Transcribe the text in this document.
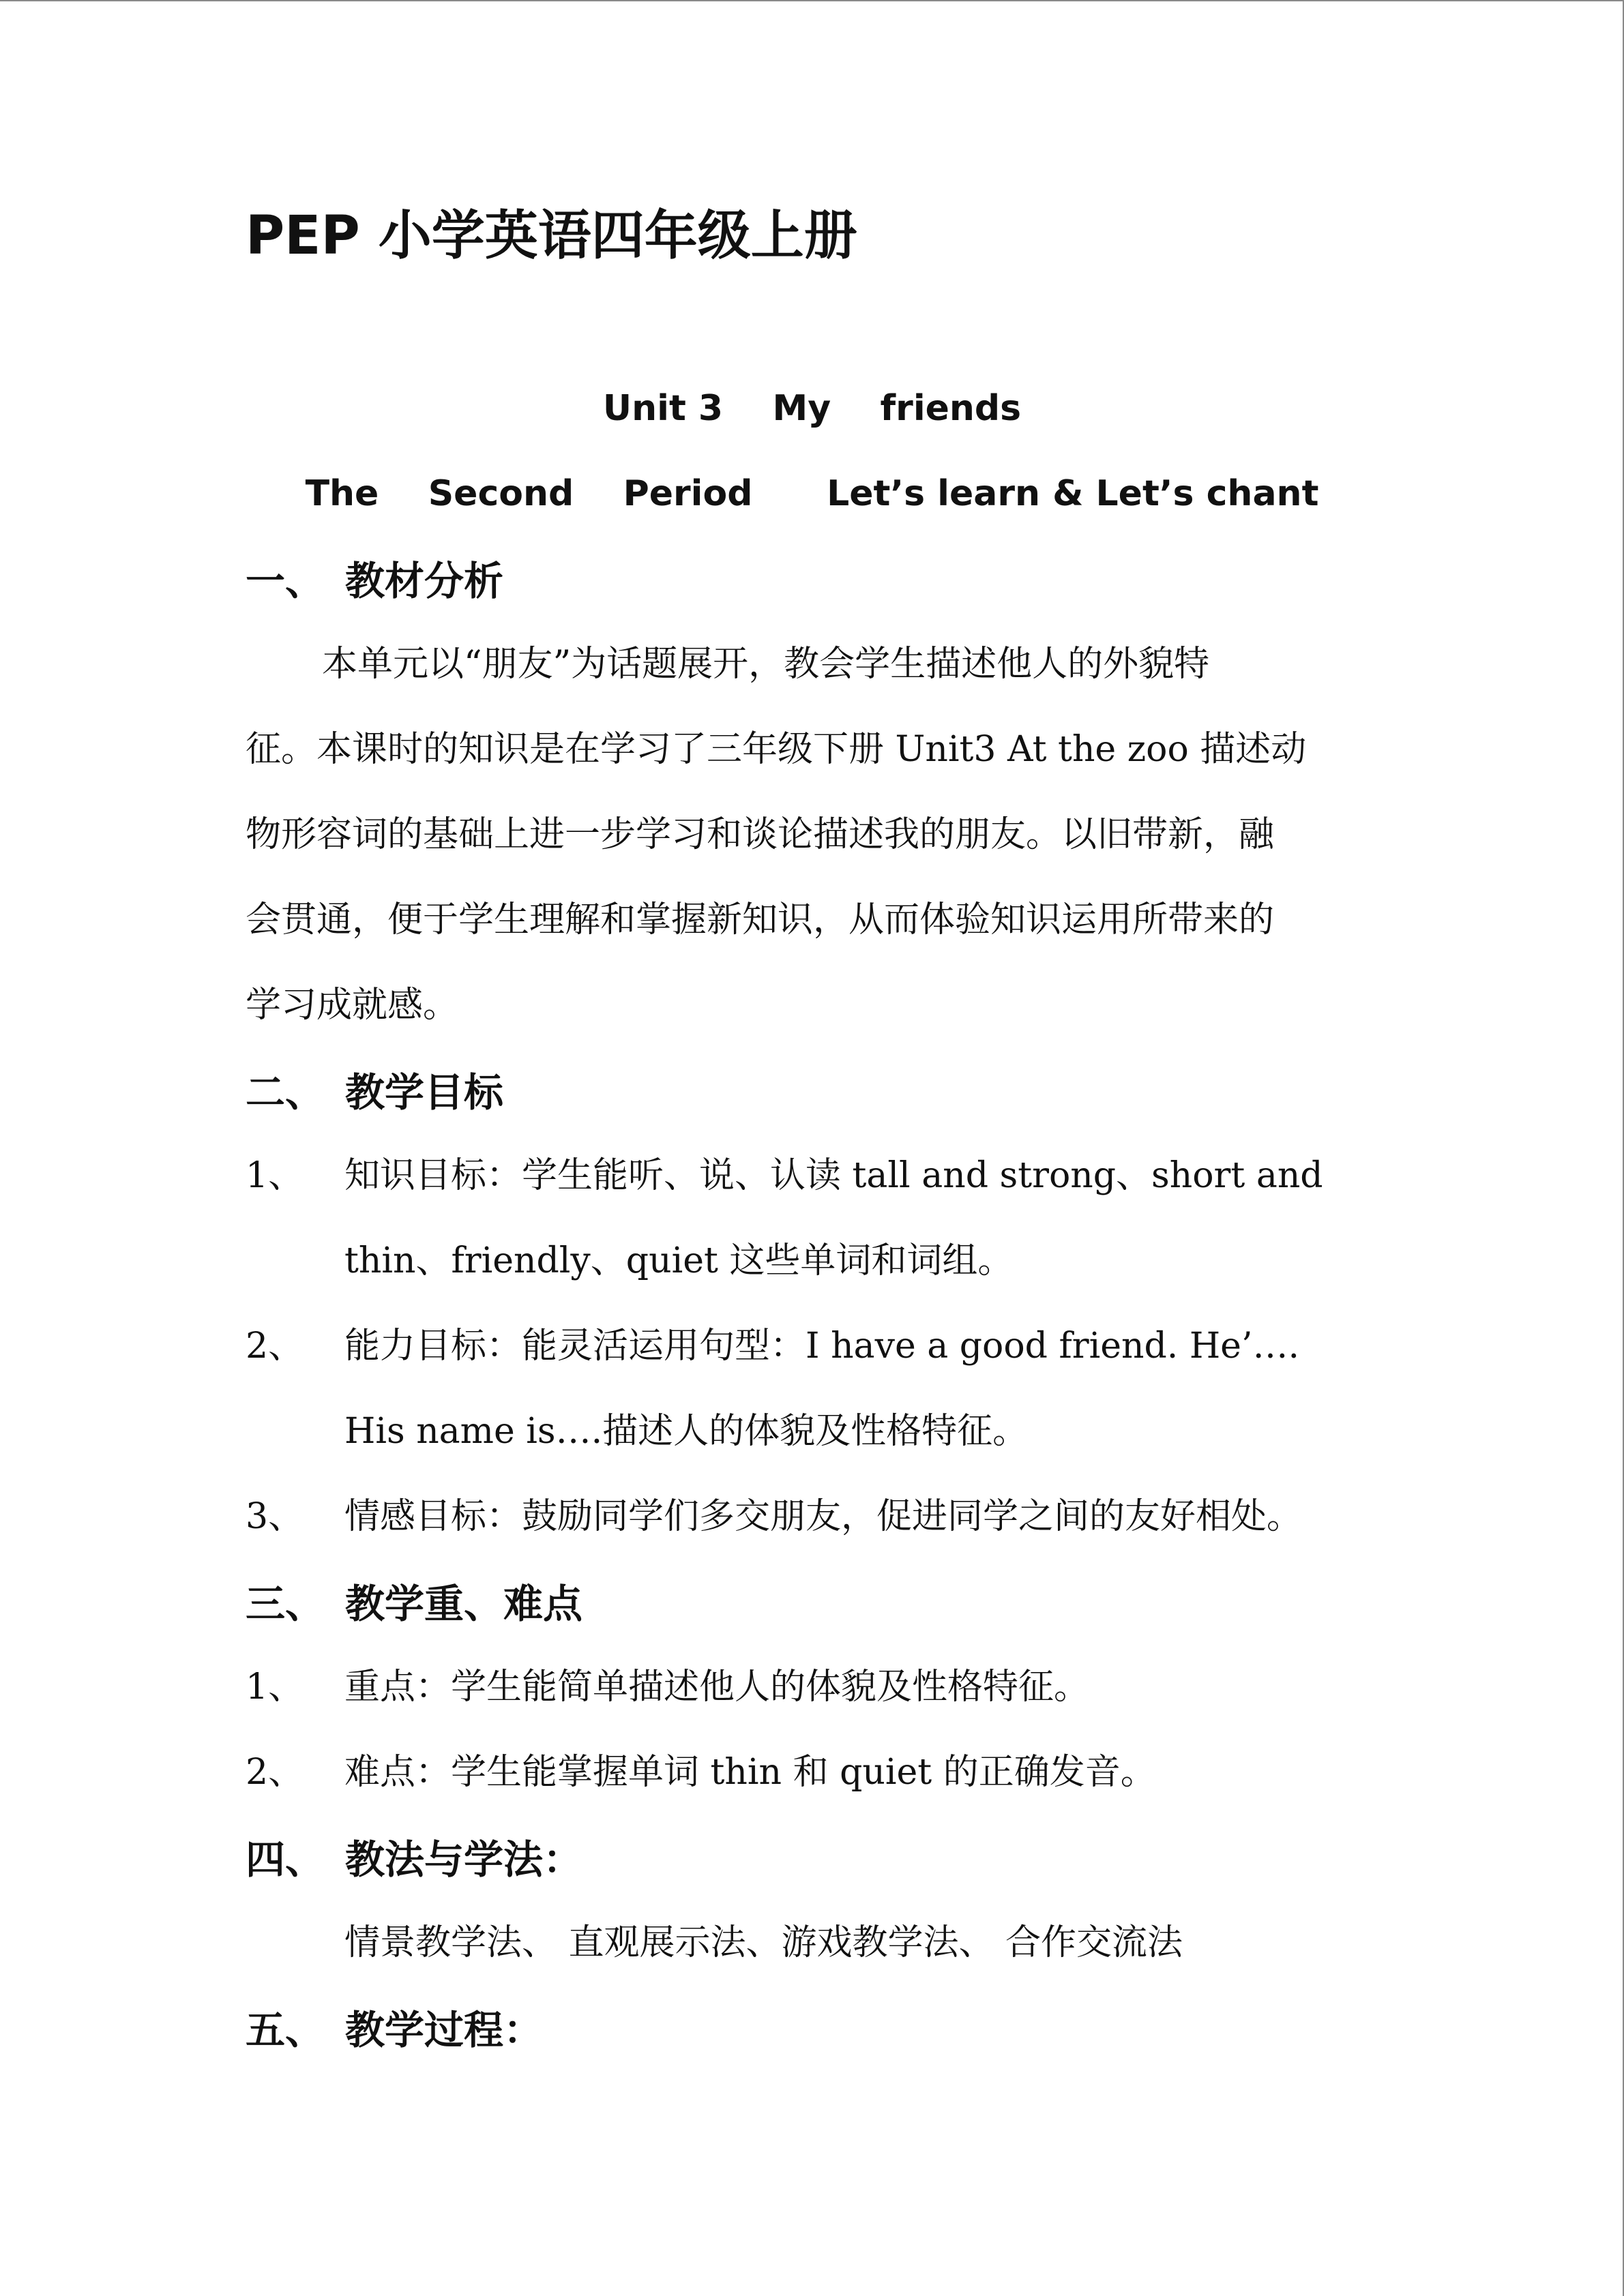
PEP 小学英语四年级上册
Unit 3    My    friends
The    Second    Period      Let’s learn & Let’s chant
一、 教材分析
本单元以“朋友”为话题展开，教会学生描述他人的外貌特
征。本课时的知识是在学习了三年级下册 Unit3 At the zoo 描述动
物形容词的基础上进一步学习和谈论描述我的朋友。以旧带新，融
会贯通，便于学生理解和掌握新知识，从而体验知识运用所带来的
学习成就感。
二、 教学目标
1、 知识目标：学生能听、说、认读 tall and strong、short and
thin、friendly、quiet 这些单词和词组。
2、 能力目标：能灵活运用句型：I have a good friend. He’….
His name is….描述人的体貌及性格特征。
3、 情感目标：鼓励同学们多交朋友，促进同学之间的友好相处。
三、 教学重、难点
1、 重点：学生能简单描述他人的体貌及性格特征。
2、 难点：学生能掌握单词 thin 和 quiet 的正确发音。
四、 教法与学法：
情景教学法、 直观展示法、游戏教学法、 合作交流法
五、 教学过程：
